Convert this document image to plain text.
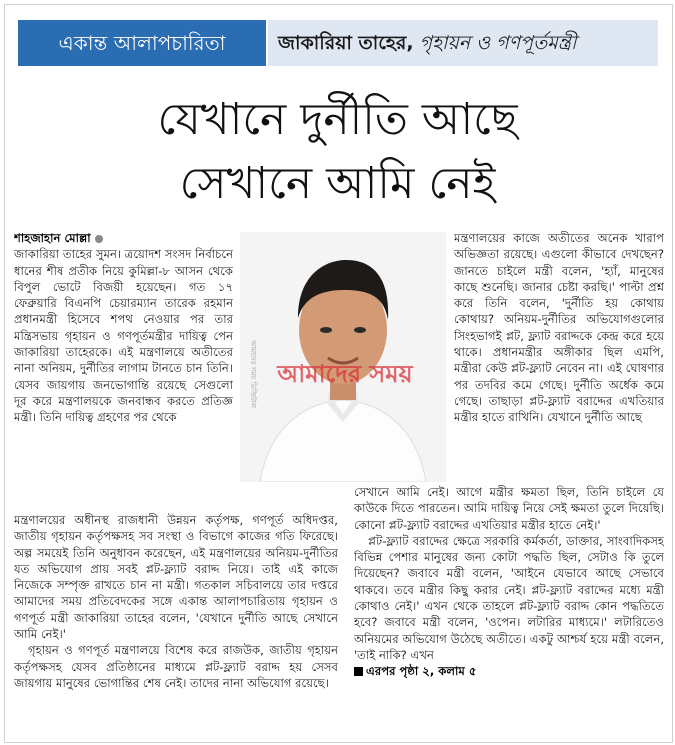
একান্ত আলাপচারিতা	জাকারিয়া তাহের, গৃহায়ন ও গণপূর্তমন্ত্রী
যেখানে দুর্নীতি আছে
সেখানে আমি নেই

শাহজাহান মোল্লা

জাকারিয়া তাহের সুমন। ত্রয়োদশ সংসদ নির্বাচনে ধানের শীষ প্রতীক নিয়ে কুমিল্লা-৮ আসন থেকে বিপুল ভোটে বিজয়ী হয়েছেন। গত ১৭ ফেব্রুয়ারি বিএনপি চেয়ারম্যান তারেক রহমান প্রধানমন্ত্রী হিসেবে শপথ নেওয়ার পর তার মন্ত্রিসভায় গৃহায়ন ও গণপূর্তমন্ত্রীর দায়িত্ব পেন জাকারিয়া তাহেরকে। এই মন্ত্রণালয়ে অতীতের নানা অনিয়ম, দুর্নীতির লাগাম টানতে চান তিনি। যেসব জায়গায় জনভোগান্তি রয়েছে সেগুলো দূর করে মন্ত্রণালয়কে জনবান্ধব করতে প্রতিজ্ঞ মন্ত্রী। তিনি দায়িত্ব গ্রহণের পর থেকে

আমাদের সময় ডিজিটাল আমাদের সময়

মন্ত্রণালয়ের কাজে অতীতের অনেক খারাপ অভিজ্ঞতা রয়েছে। এগুলো কীভাবে দেখছেন? জানতে চাইলে মন্ত্রী বলেন, 'হ্যাঁ, মানুষের কাছে শুনেছি। জানার চেষ্টা করছি।' পাল্টা প্রশ্ন করে তিনি বলেন, 'দুর্নীতি হয় কোথায় কোথায়? অনিয়ম-দুর্নীতির অভিযোগগুলোর সিংহভাগই প্লট, ফ্ল্যাট বরাদ্দকে কেন্দ্র করে হয়ে থাকে। প্রধানমন্ত্রীর অঙ্গীকার ছিল এমপি, মন্ত্রীরা কেউ প্লট-ফ্ল্যাট নেবেন না। এই ঘোষণার পর তদবির কমে গেছে। দুর্নীতি অর্ধেক কমে গেছে। তাছাড়া প্লট-ফ্ল্যাট বরাদ্দের এখতিয়ার মন্ত্রীর হাতে রাখিনি। যেখানে দুর্নীতি আছে

মন্ত্রণালয়ের অধীনস্থ রাজধানী উন্নয়ন কর্তৃপক্ষ, গণপূর্ত অধিদপ্তর, জাতীয় গৃহায়ন কর্তৃপক্ষসহ সব সংস্থা ও বিভাগে কাজের গতি ফিরেছে। অল্প সময়েই তিনি অনুধাবন করেছেন, এই মন্ত্রণালয়ের অনিয়ম-দুর্নীতির যত অভিযোগ প্রায় সবই প্লট-ফ্ল্যাট বরাদ্দ নিয়ে। তাই এই কাজে নিজেকে সম্পৃক্ত রাখতে চান না মন্ত্রী। গতকাল সচিবালয়ে তার দপ্তরে আমাদের সময় প্রতিবেদকের সঙ্গে একান্ত আলাপচারিতায় গৃহায়ন ও গণপূর্ত মন্ত্রী জাকারিয়া তাহের বলেন, 'যেখানে দুর্নীতি আছে সেখানে আমি নেই।'

গৃহায়ন ও গণপূর্ত মন্ত্রণালয়ে বিশেষ করে রাজউক, জাতীয় গৃহায়ন কর্তৃপক্ষসহ যেসব প্রতিষ্ঠানের মাধ্যমে প্লট-ফ্ল্যাট বরাদ্দ হয় সেসব জায়গায় মানুষের ভোগান্তির শেষ নেই। তাদের নানা অভিযোগ রয়েছে।

সেখানে আমি নেই। আগে মন্ত্রীর ক্ষমতা ছিল, তিনি চাইলে যে কাউকে দিতে পারতেন। আমি দায়িত্ব নিয়ে সেই ক্ষমতা তুলে দিয়েছি। কোনো প্লট-ফ্ল্যাট বরাদ্দের এখতিয়ার মন্ত্রীর হাতে নেই।'

প্লট-ফ্ল্যাট বরাদ্দের ক্ষেত্রে সরকারি কর্মকর্তা, ডাক্তার, সাংবাদিকসহ বিভিন্ন পেশার মানুষের জন্য কোটা পদ্ধতি ছিল, সেটাও কি তুলে দিয়েছেন? জবাবে মন্ত্রী বলেন, 'আইনে যেভাবে আছে সেভাবে থাকবে। তবে মন্ত্রীর কিছু করার নেই। প্লট-ফ্ল্যাট বরাদ্দের মধ্যে মন্ত্রী কোথাও নেই।' এখন থেকে তাহলে প্লট-ফ্ল্যাট বরাদ্দ কোন পদ্ধতিতে হবে? জবাবে মন্ত্রী বলেন, 'ওপেন। লটারির মাধ্যমে।' লটারিতেও অনিয়মের অভিযোগ উঠেছে অতীতে। একটু আশ্চর্য হয়ে মন্ত্রী বলেন, 'তাই নাকি? এখন

এরপর পৃষ্ঠা ২, কলাম ৫
